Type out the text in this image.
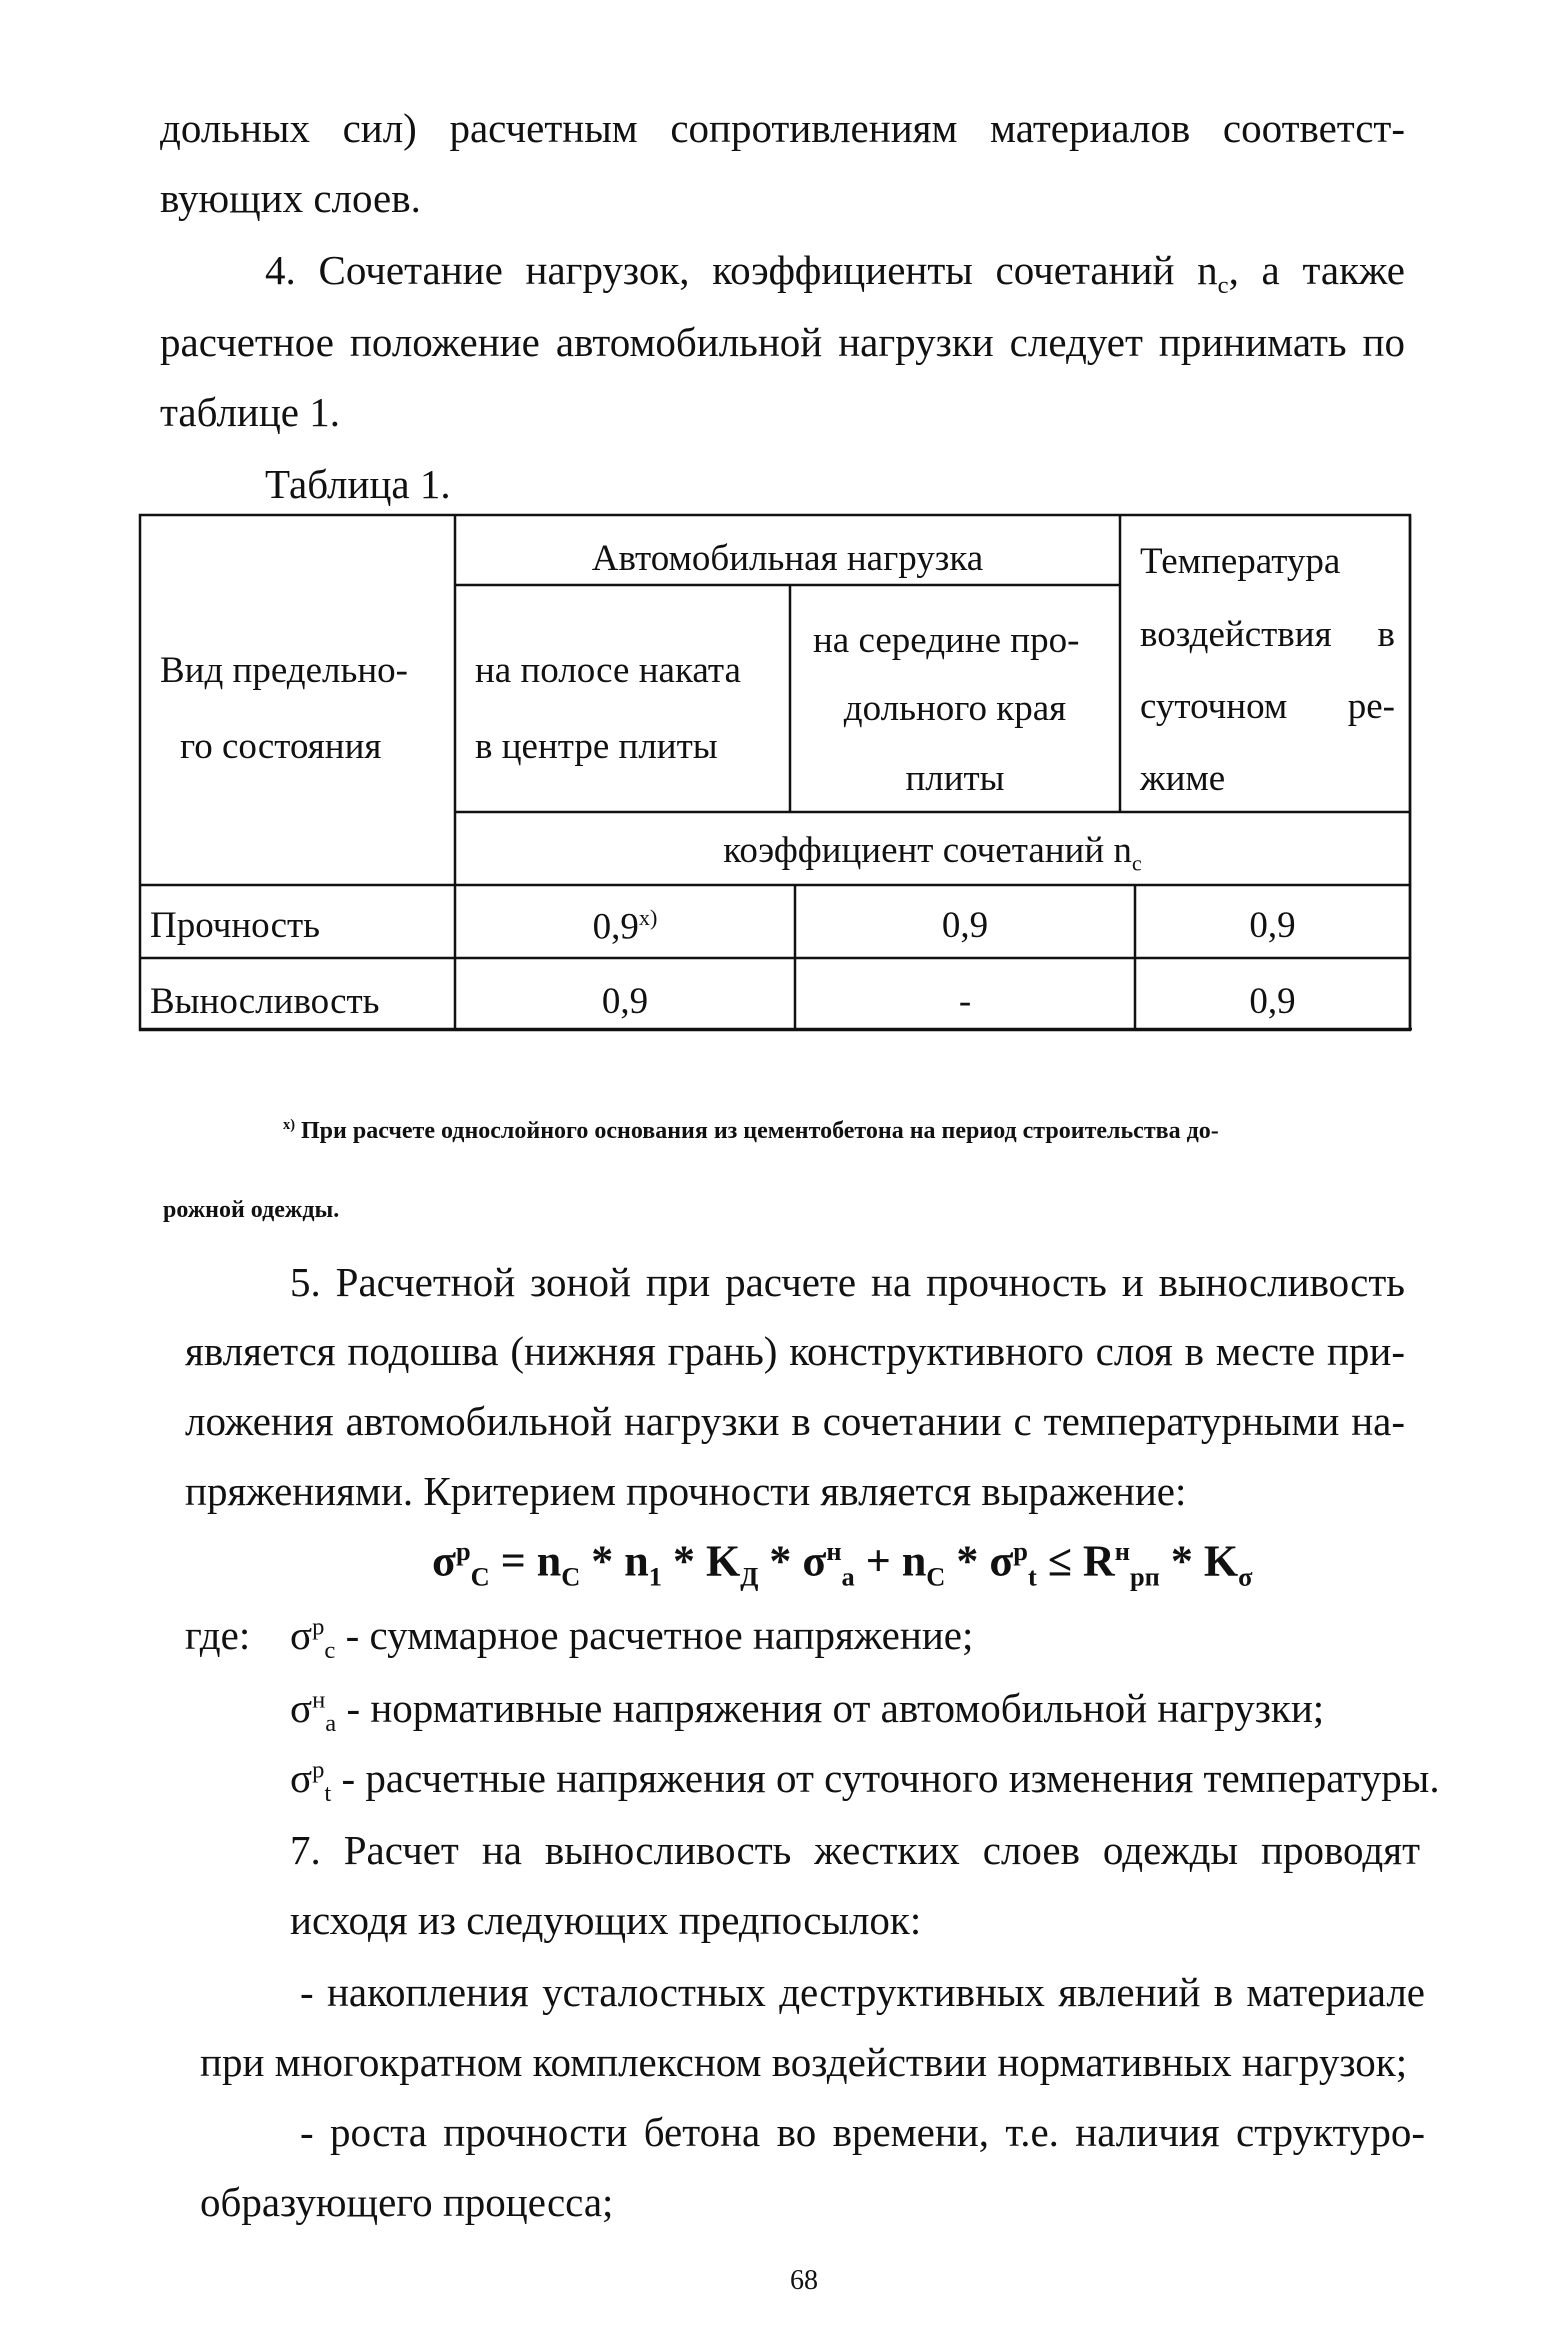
дольных сил) расчетным сопротивлениям материалов соответст-
вующих слоев.
4. Сочетание нагрузок, коэффициенты сочетаний $n_c$, а также
расчетное положение автомобильной нагрузки следует принимать по
таблице 1.
Таблица 1.
Вид предельно-
го состояния
Автомобильная нагрузка
на полосе наката
в центре плиты
на середине про-
дольного края
плиты
Температура
воздействия в
суточном ре-
жиме
коэффициент сочетаний $n_c$
Прочность	0,9$^{x)}$	0,9	0,9
Выносливость	0,9	-	0,9
$^{x)}$ При расчете однослойного основания из цементобетона на период строительства до-
рожной одежды.
5. Расчетной зоной при расчете на прочность и выносливость
является подошва (нижняя грань) конструктивного слоя в месте при-
ложения автомобильной нагрузки в сочетании с температурными на-
пряжениями. Критерием прочности является выражение:
$\sigma^p_C = n_C * n_1 * K_Д * \sigma^н_a + n_C * \sigma^p_t \le R^н_{рп} * K_\sigma$
где: $\sigma^p_c$ - суммарное расчетное напряжение;
$\sigma^н_a$ - нормативные напряжения от автомобильной нагрузки;
$\sigma^p_t$ - расчетные напряжения от суточного изменения температуры.
7. Расчет на выносливость жестких слоев одежды проводят
исходя из следующих предпосылок:
- накопления усталостных деструктивных явлений в материале
при многократном комплексном воздействии нормативных нагрузок;
- роста прочности бетона во времени, т.е. наличия структуро-
образующего процесса;
68
